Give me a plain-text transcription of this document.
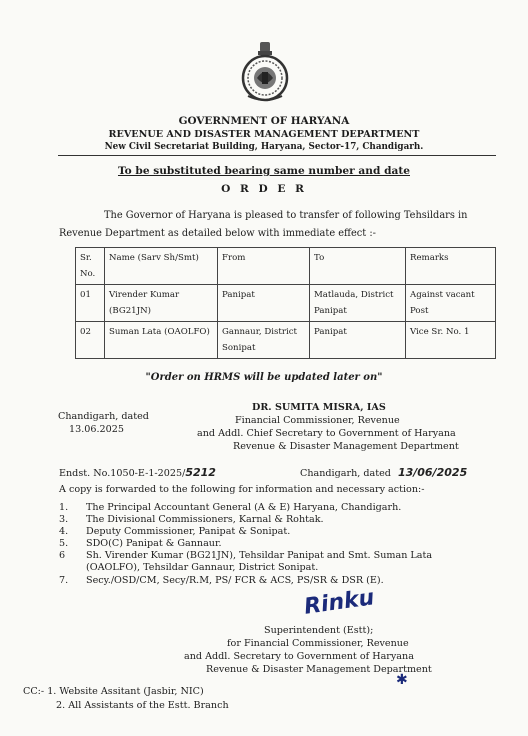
GOVERNMENT OF HARYANA
REVENUE AND DISASTER MANAGEMENT DEPARTMENT
New Civil Secretariat Building, Haryana, Sector-17, Chandigarh.
To be substituted bearing same number and date
O R D E R
The Governor of Haryana is pleased to transfer of following Tehsildars in
Revenue Department as detailed below with immediate effect :-
Sr. No.	Name (Sarv Sh/Smt)	From	To	Remarks
01	Virender Kumar (BG21JN)	Panipat	Matlauda, District Panipat	Against vacant Post
02	Suman Lata (OAOLFO)	Gannaur, District Sonipat	Panipat	Vice Sr. No. 1
"Order on HRMS will be updated later on"
Chandigarh, dated
13.06.2025
DR. SUMITA MISRA, IAS
Financial Commissioner, Revenue
and Addl. Chief Secretary to Government of Haryana
Revenue & Disaster Management Department
Endst. No.1050-E-1-2025/5212	Chandigarh, dated 13/06/2025
A copy is forwarded to the following for information and necessary action:-
1. The Principal Accountant General (A & E) Haryana, Chandigarh.
3. The Divisional Commissioners, Karnal & Rohtak.
4. Deputy Commissioner, Panipat & Sonipat.
5. SDO(C) Panipat & Gannaur.
6 Sh. Virender Kumar (BG21JN), Tehsildar Panipat and Smt. Suman Lata
(OAOLFO), Tehsildar Gannaur, District Sonipat.
7. Secy./OSD/CM, Secy/R.M, PS/ FCR & ACS, PS/SR & DSR (E).
Rinku
Superintendent (Estt);
for Financial Commissioner, Revenue
and Addl. Secretary to Government of Haryana
Revenue & Disaster Management Department
✱
CC:- 1. Website Assitant (Jasbir, NIC)
2. All Assistants of the Estt. Branch
